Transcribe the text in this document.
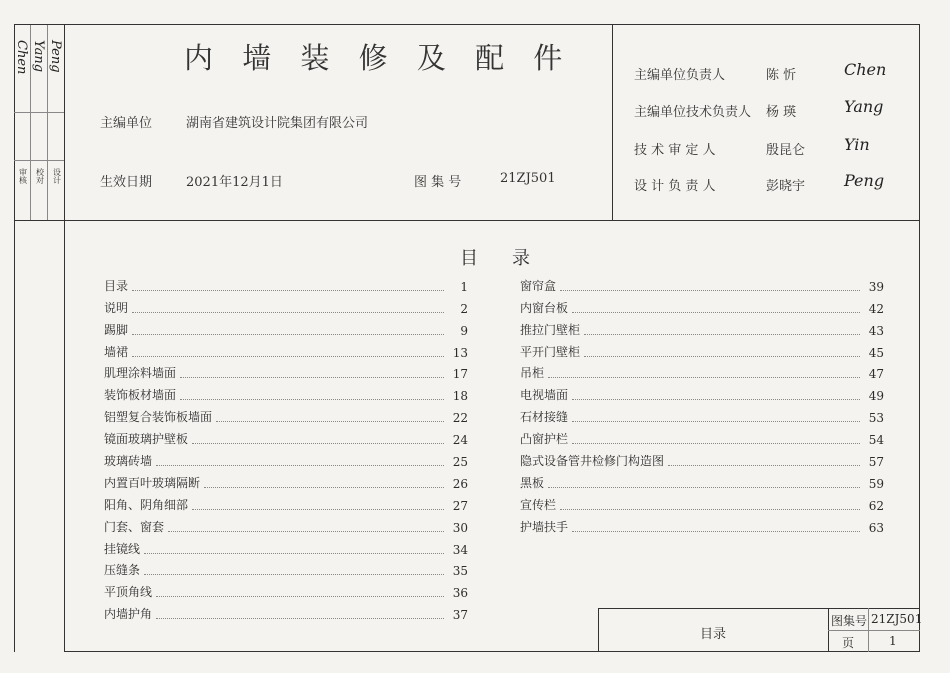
审核 校对 设计
Chen Yang Peng	内 墙 装 修 及 配 件
主编单位	湖南省建筑设计院集团有限公司
生效日期	2021年12月1日	图 集 号	21ZJ501
主编单位负责人	陈 忻	Chen
主编单位技术负责人 杨 瑛	Yang
技 术 审 定 人	殷昆仑 Yin
设 计 负 责 人	彭晓宇 Peng
目录
目录	1
说明	2
踢脚	9
墙裙	13
肌理涂料墙面	17
装饰板材墙面	18
铝塑复合装饰板墙面	22
镜面玻璃护壁板	24
玻璃砖墙	25
内置百叶玻璃隔断	26
阳角、阴角细部	27
门套、窗套	30
挂镜线	34
压缝条	35
平顶角线	36
内墙护角	37
窗帘盒	39
内窗台板	42
推拉门壁柜	43
平开门壁柜	45
吊柜	47
电视墙面	49
石材接缝	53
凸窗护栏	54
隐式设备管井检修门构造图	57
黑板	59
宣传栏	62
护墙扶手	63
目录
图集号 21ZJ501
页	1
